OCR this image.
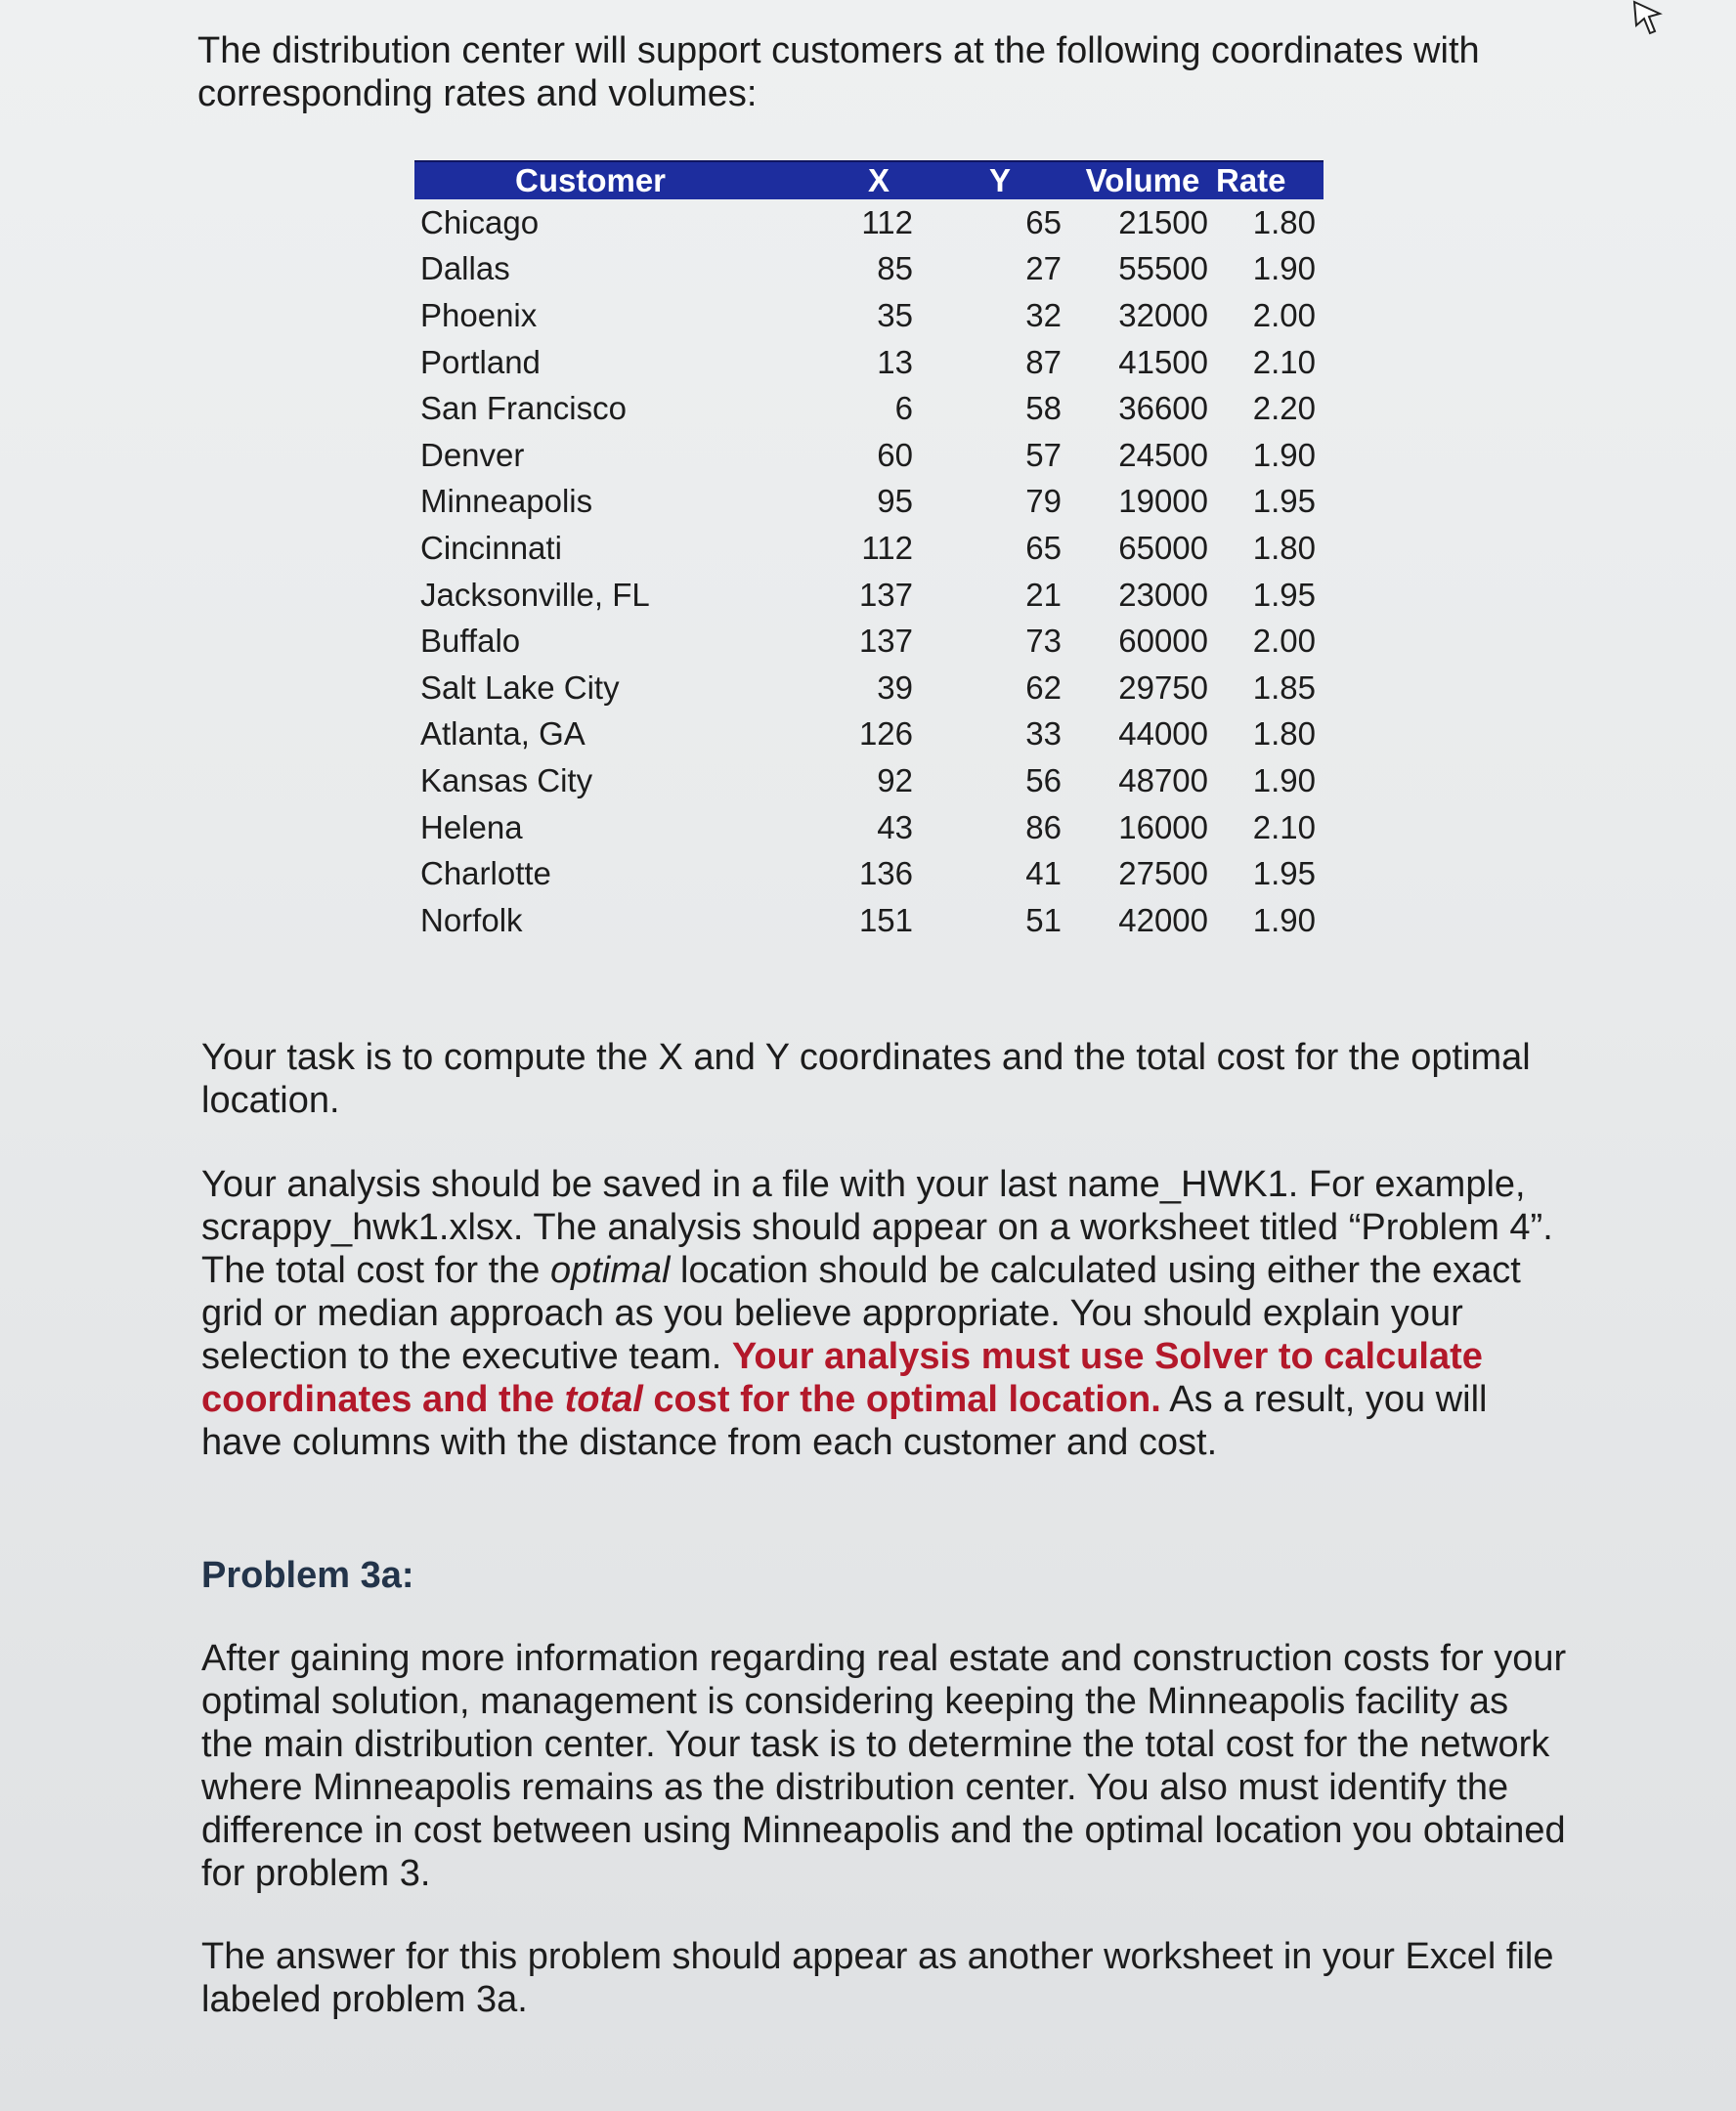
The distribution center will support customers at the following coordinates with corresponding rates and volumes:

Customer	X	Y	Volume	Rate
Chicago	112	65	21500	1.80
Dallas	85	27	55500	1.90
Phoenix	35	32	32000	2.00
Portland	13	87	41500	2.10
San Francisco	6	58	36600	2.20
Denver	60	57	24500	1.90
Minneapolis	95	79	19000	1.95
Cincinnati	112	65	65000	1.80
Jacksonville, FL	137	21	23000	1.95
Buffalo	137	73	60000	2.00
Salt Lake City	39	62	29750	1.85
Atlanta, GA	126	33	44000	1.80
Kansas City	92	56	48700	1.90
Helena	43	86	16000	2.10
Charlotte	136	41	27500	1.95
Norfolk	151	51	42000	1.90

Your task is to compute the X and Y coordinates and the total cost for the optimal location.

Your analysis should be saved in a file with your last name_HWK1. For example, scrappy_hwk1.xlsx. The analysis should appear on a worksheet titled “Problem 4”. The total cost for the optimal location should be calculated using either the exact grid or median approach as you believe appropriate. You should explain your selection to the executive team. Your analysis must use Solver to calculate coordinates and the total cost for the optimal location. As a result, you will have columns with the distance from each customer and cost.

Problem 3a:

After gaining more information regarding real estate and construction costs for your optimal solution, management is considering keeping the Minneapolis facility as the main distribution center. Your task is to determine the total cost for the network where Minneapolis remains as the distribution center. You also must identify the difference in cost between using Minneapolis and the optimal location you obtained for problem 3.

The answer for this problem should appear as another worksheet in your Excel file labeled problem 3a.
